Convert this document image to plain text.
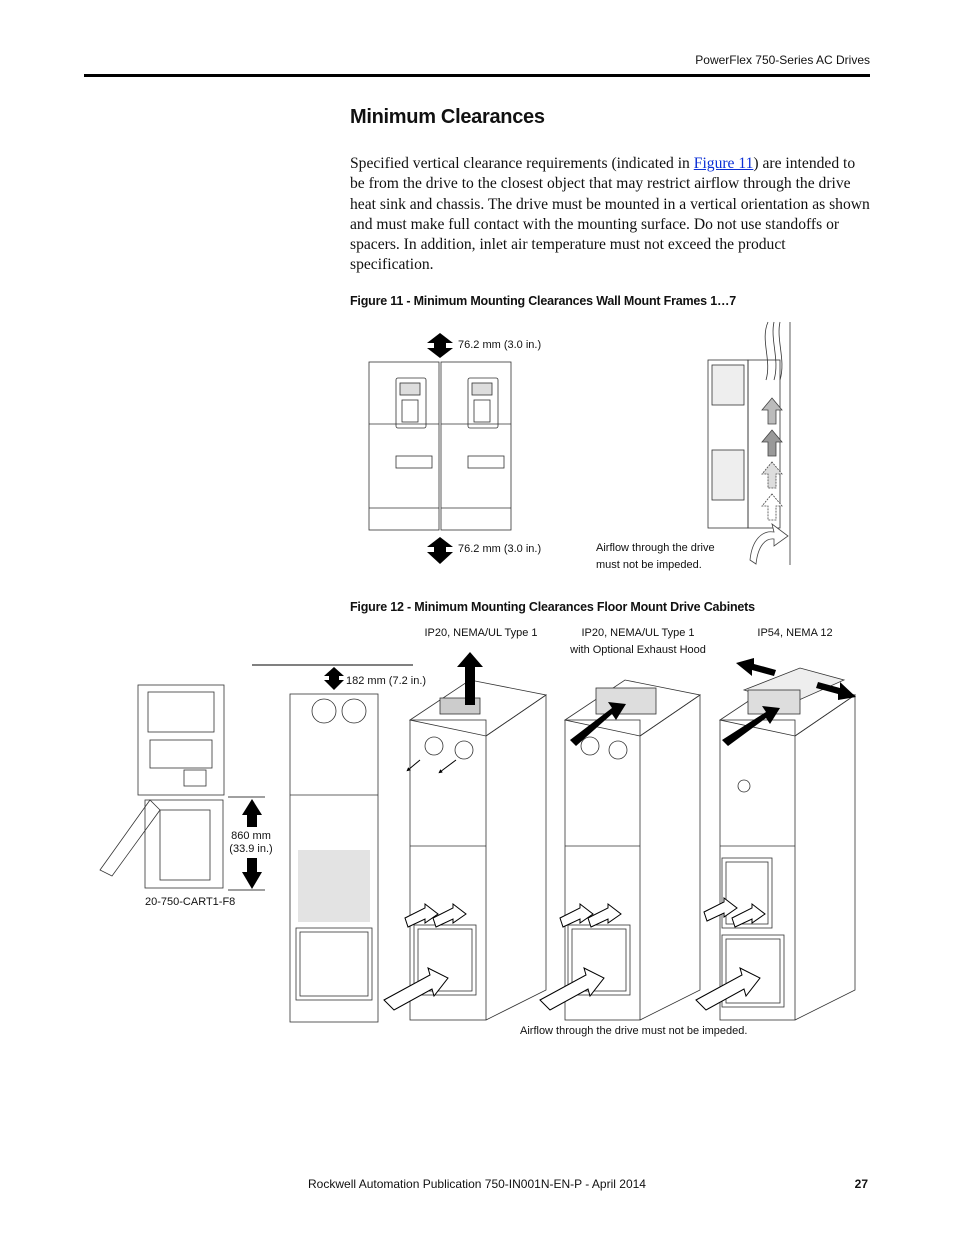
PowerFlex 750-Series AC Drives
Minimum Clearances
Specified vertical clearance requirements (indicated in Figure 11) are intended to be from the drive to the closest object that may restrict airflow through the drive heat sink and chassis. The drive must be mounted in a vertical orientation as shown and must make full contact with the mounting surface. Do not use standoffs or spacers. In addition, inlet air temperature must not exceed the product specification.
Figure 11 - Minimum Mounting Clearances Wall Mount Frames 1…7
76.2 mm (3.0 in.)
76.2 mm (3.0 in.)	Airflow through the drive
must not be impeded.
Figure 12 - Minimum Mounting Clearances Floor Mount Drive Cabinets
IP20, NEMA/UL Type 1	IP20, NEMA/UL Type 1
with Optional Exhaust Hood
IP54, NEMA 12
182 mm (7.2 in.)
860 mm
(33.9 in.)
20-750-CART1-F8
Airflow through the drive must not be impeded.
Rockwell Automation Publication 750-IN001N-EN-P - April 2014	27
